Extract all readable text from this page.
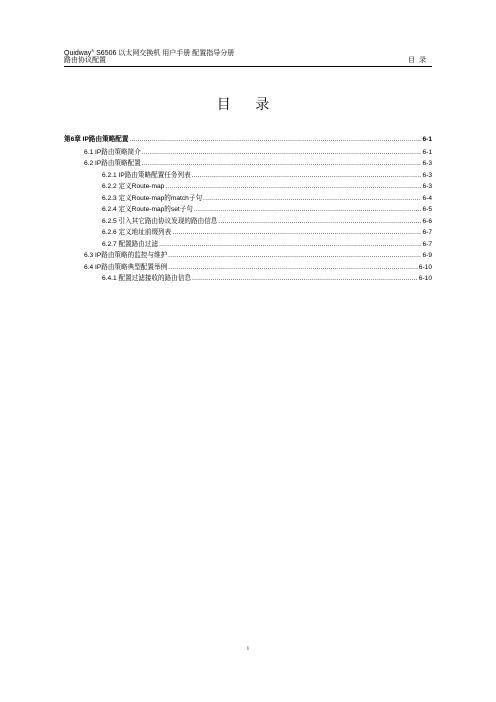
Quidway® S6506 以太网交换机 用户手册 配置指导分册
路由协议配置	目录
目 录
第6章 IP路由策略配置 .....	6-1
6.1 IP路由策略简介 .....	6-1
6.2 IP路由策略配置 .....	6-3
6.2.1 IP路由策略配置任务列表 .....	6-3
6.2.2 定义Route-map .....	6-3
6.2.3 定义Route-map的match子句 .....	6-4
6.2.4 定义Route-map的set子句 .....	6-5
6.2.5 引入其它路由协议发现的路由信息 .....	6-6
6.2.6 定义地址前缀列表 .....	6-7
6.2.7 配置路由过滤 .....	6-7
6.3 IP路由策略的监控与维护 .....	6-9
6.4 IP路由策略典型配置举例 .....	6-10
6.4.1 配置过滤接收的路由信息 .....	6-10
i
